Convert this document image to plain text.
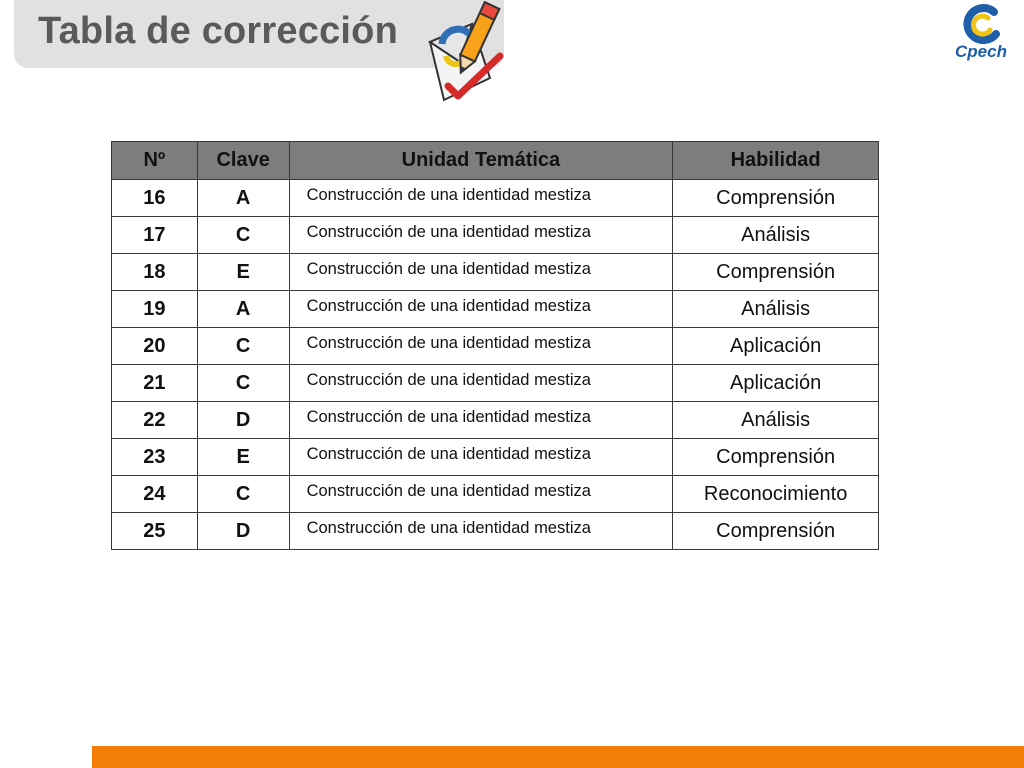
Tabla de corrección	Cpech
Nº	Clave	Unidad Temática	Habilidad
16	A	Construcción de una identidad mestiza	Comprensión
17	C	Construcción de una identidad mestiza	Análisis
18	E	Construcción de una identidad mestiza	Comprensión
19	A	Construcción de una identidad mestiza	Análisis
20	C	Construcción de una identidad mestiza	Aplicación
21	C	Construcción de una identidad mestiza	Aplicación
22	D	Construcción de una identidad mestiza	Análisis
23	E	Construcción de una identidad mestiza	Comprensión
24	C	Construcción de una identidad mestiza	Reconocimiento
25	D	Construcción de una identidad mestiza	Comprensión
